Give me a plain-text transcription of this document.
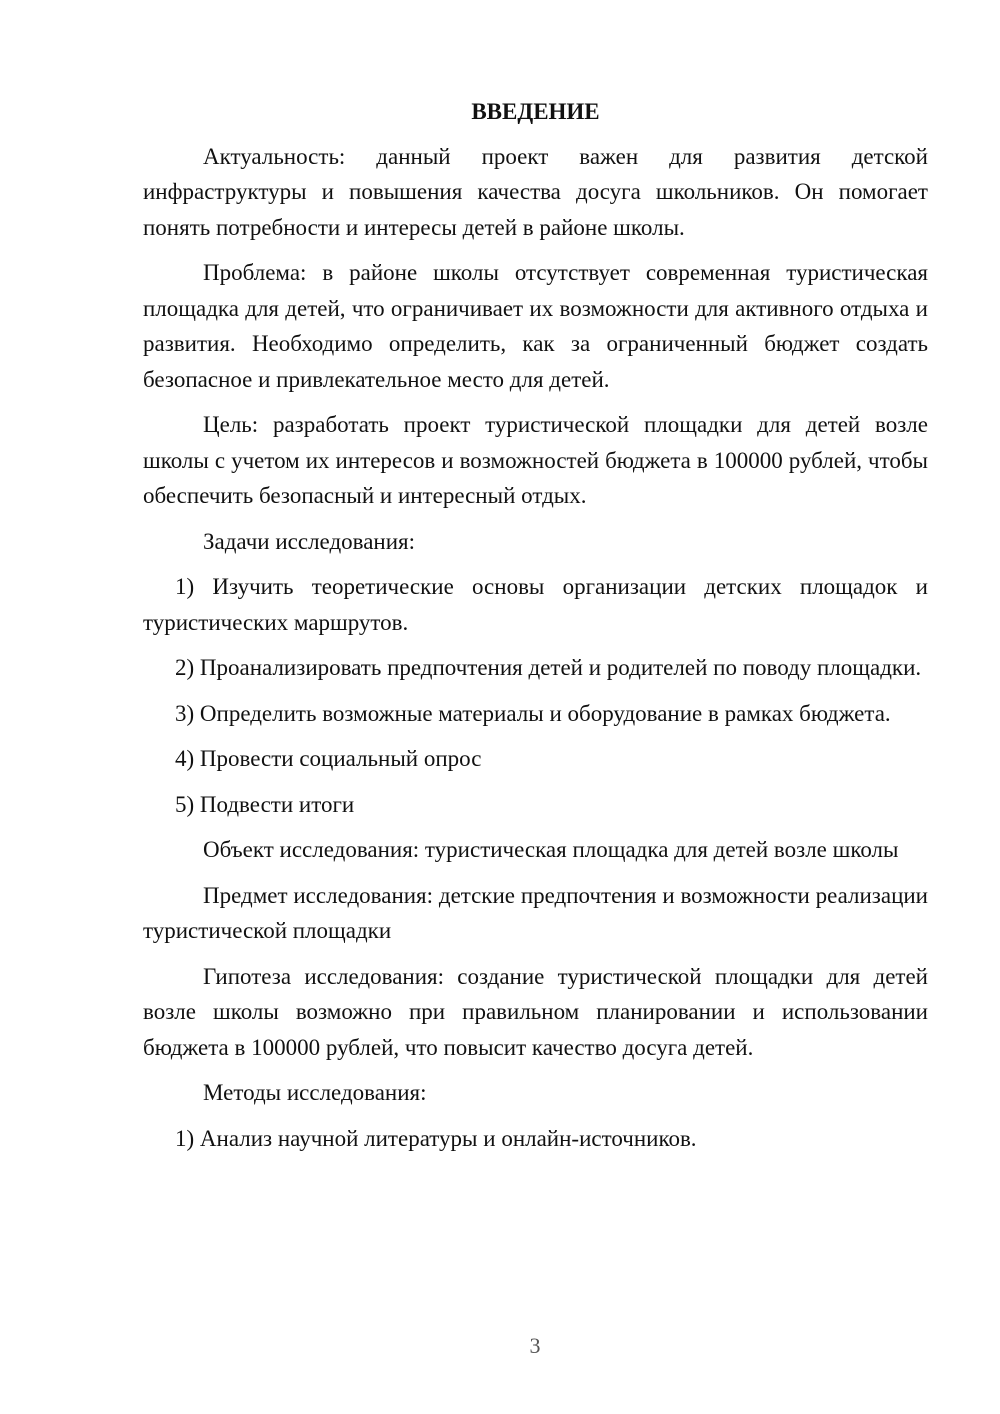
ВВЕДЕНИЕ

Актуальность: данный проект важен для развития детской инфраструктуры и повышения качества досуга школьников. Он помогает понять потребности и интересы детей в районе школы.

Проблема: в районе школы отсутствует современная туристическая площадка для детей, что ограничивает их возможности для активного отдыха и развития. Необходимо определить, как за ограниченный бюджет создать безопасное и привлекательное место для детей.

Цель: разработать проект туристической площадки для детей возле школы с учетом их интересов и возможностей бюджета в 100000 рублей, чтобы обеспечить безопасный и интересный отдых.

Задачи исследования:

1) Изучить теоретические основы организации детских площадок и туристических маршрутов.

2) Проанализировать предпочтения детей и родителей по поводу площадки.

3) Определить возможные материалы и оборудование в рамках бюджета.

4) Провести социальный опрос

5) Подвести итоги

Объект исследования: туристическая площадка для детей возле школы

Предмет исследования: детские предпочтения и возможности реализации туристической площадки

Гипотеза исследования: создание туристической площадки для детей возле школы возможно при правильном планировании и использовании бюджета в 100000 рублей, что повысит качество досуга детей.

Методы исследования:

1) Анализ научной литературы и онлайн-источников.

3
